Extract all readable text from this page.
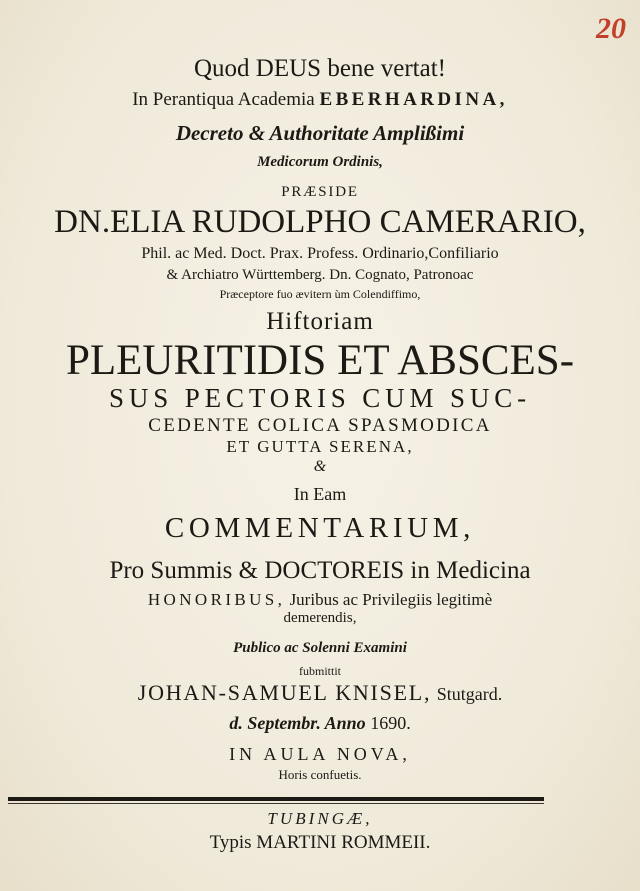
20
Quod DEUS bene vertat!
In Perantiqua Academia EBERHARDINA,
Decreto & Authoritate Amplißimi
Medicorum Ordinis,
PRÆSIDE
DN.ELIA RUDOLPHO CAMERARIO,
Phil. ac Med. Doct. Prax. Profess. Ordinario,Confiliario
& Archiatro Württemberg. Dn. Cognato, Patronoac
Præceptore fuo ævitern ùm Colendiffimo,
Hiftoriam
PLEURITIDIS ET ABSCES-
SUS PECTORIS CUM SUC-
CEDENTE COLICA SPASMODICA
ET GUTTA SERENA,
&
In Eam
COMMENTARIUM,
Pro Summis & DOCTOREIS in Medicina
HONORIBUS, Juribus ac Privilegiis legitimè
demerendis,
Publico ac Solenni Examini
fubmittit
JOHAN-SAMUEL KNISEL, Stutgard.
d. Septembr. Anno 1690.
IN AULA NOVA,
Horis confuetis.
TUBINGÆ,
Typis MARTINI ROMMEII.
